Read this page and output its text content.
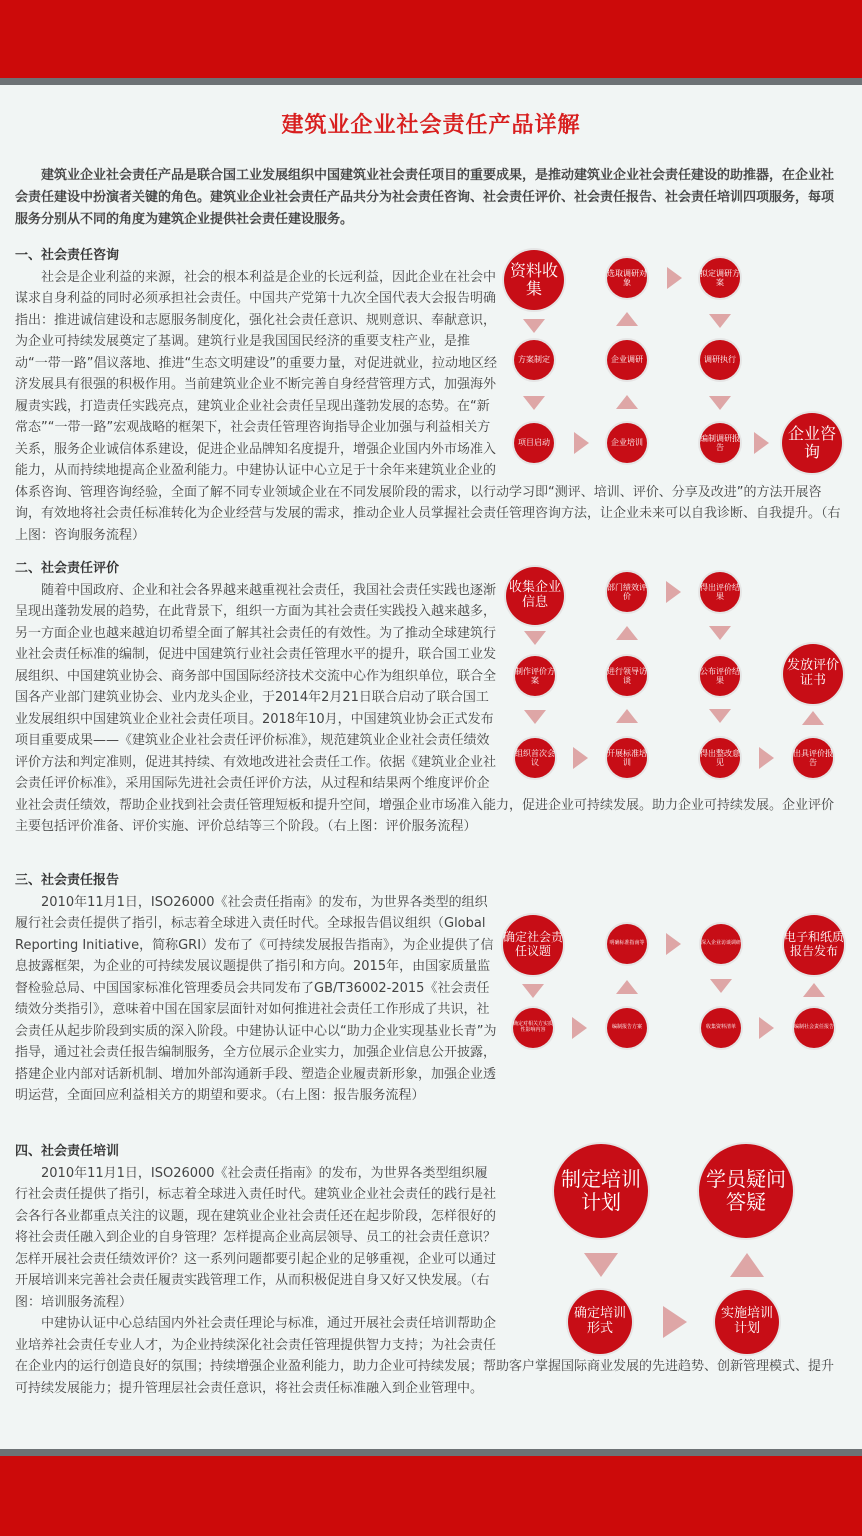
建筑业企业社会责任产品详解

建筑业企业社会责任产品是联合国工业发展组织中国建筑业社会责任项目的重要成果，是推动建筑业企业社会责任建设的助推器，在企业社会责任建设中扮演者关键的角色。建筑业企业社会责任产品共分为社会责任咨询、社会责任评价、社会责任报告、社会责任培训四项服务，每项服务分别从不同的角度为建筑企业提供社会责任建设服务。

一、社会责任咨询

社会是企业利益的来源，社会的根本利益是企业的长远利益，因此企业在社会中谋求自身利益的同时必须承担社会责任。中国共产党第十九次全国代表大会报告明确指出：推进诚信建设和志愿服务制度化，强化社会责任意识、规则意识、奉献意识，为企业可持续发展奠定了基调。建筑行业是我国国民经济的重要支柱产业，是推动“一带一路”倡议落地、推进“生态文明建设”的重要力量，对促进就业，拉动地区经济发展具有很强的积极作用。当前建筑业企业不断完善自身经营管理方式，加强海外履责实践，打造责任实践亮点，建筑业企业社会责任呈现出蓬勃发展的态势。在“新常态”“一带一路”宏观战略的框架下，社会责任管理咨询指导企业加强与利益相关方关系，服务企业诚信体系建设，促进企业品牌知名度提升，增强企业国内外市场准入能力，从而持续地提高企业盈利能力。中建协认证中心立足于十余年来建筑业企业的体系咨询、管理咨询经验，全面了解不同专业领域企业在不同发展阶段的需求，以行动学习即“测评、培训、评价、分享及改进”的方法开展咨询，有效地将社会责任标准转化为企业经营与发展的需求，推动企业人员掌握社会责任管理咨询方法，让企业未来可以自我诊断、自我提升。（右上图：咨询服务流程）

资料收集
方案制定
项目启动	企业培训
企业调研
选取调研对象
拟定调研方案
调研执行
编制调研报告
企业咨询
二、社会责任评价

随着中国政府、企业和社会各界越来越重视社会责任，我国社会责任实践也逐渐呈现出蓬勃发展的趋势，在此背景下，组织一方面为其社会责任实践投入越来越多，另一方面企业也越来越迫切希望全面了解其社会责任的有效性。为了推动全球建筑行业社会责任标准的编制，促进中国建筑行业社会责任管理水平的提升，联合国工业发展组织、中国建筑业协会、商务部中国国际经济技术交流中心作为组织单位，联合全国各产业部门建筑业协会、业内龙头企业，于2014年2月21日联合启动了联合国工业发展组织中国建筑业企业社会责任项目。2018年10月，中国建筑业协会正式发布项目重要成果——《建筑业企业社会责任评价标准》，规范建筑业企业社会责任绩效评价方法和判定准则，促进其持续、有效地改进社会责任工作。依据《建筑业企业社会责任评价标准》，采用国际先进社会责任评价方法，从过程和结果两个维度评价企业社会责任绩效，帮助企业找到社会责任管理短板和提升空间，增强企业市场准入能力，促进企业可持续发展。助力企业可持续发展。企业评价主要包括评价准备、评价实施、评价总结等三个阶段。（右上图：评价服务流程）

收集企业信息
制作评价方案
组织首次会议
开展标准培训
进行领导访谈
部门绩效评价
得出评价结果
公布评价结果
得出整改意见
出具评价报告
发放评价证书
三、社会责任报告

2010年11月1日，ISO26000《社会责任指南》的发布，为世界各类型的组织履行社会责任提供了指引，标志着全球进入责任时代。全球报告倡议组织（Global Reporting Initiative，简称GRI）发布了《可持续发展报告指南》，为企业提供了信息披露框架，为企业的可持续发展议题提供了指引和方向。2015年，由国家质量监督检验总局、中国国家标准化管理委员会共同发布了GB/T36002-2015《社会责任绩效分类指引》，意味着中国在国家层面针对如何推进社会责任工作形成了共识，社会责任从起步阶段到实质的深入阶段。中建协认证中心以“助力企业实现基业长青”为指导，通过社会责任报告编制服务，全方位展示企业实力，加强企业信息公开披露，搭建企业内部对话新机制、增加外部沟通新手段、塑造企业履责新形象，加强企业透明运营，全面回应利益相关方的期望和要求。（右上图：报告服务流程）

确定社会责任议题
确定对相关方实质性影响内容	编制报告方案
明确标准指南等	深入企业访谈调研
收集资料清单	编制社会责任报告
电子和纸质报告发布
四、社会责任培训

2010年11月1日，ISO26000《社会责任指南》的发布，为世界各类型组织履行社会责任提供了指引，标志着全球进入责任时代。建筑业企业社会责任的践行是社会各行各业都重点关注的议题，现在建筑业企业社会责任还在起步阶段，怎样很好的将社会责任融入到企业的自身管理？怎样提高企业高层领导、员工的社会责任意识？怎样开展社会责任绩效评价？这一系列问题都要引起企业的足够重视，企业可以通过开展培训来完善社会责任履责实践管理工作，从而积极促进自身又好又快发展。（右图：培训服务流程）

中建协认证中心总结国内外社会责任理论与标准，通过开展社会责任培训帮助企业培养社会责任专业人才，为企业持续深化社会责任管理提供智力支持；为社会责任在企业内的运行创造良好的氛围；持续增强企业盈利能力，助力企业可持续发展；帮助客户掌握国际商业发展的先进趋势、创新管理模式、提升可持续发展能力；提升管理层社会责任意识，将社会责任标准融入到企业管理中。

制定培训计划
确定培训形式
实施培训计划
学员疑问答疑
